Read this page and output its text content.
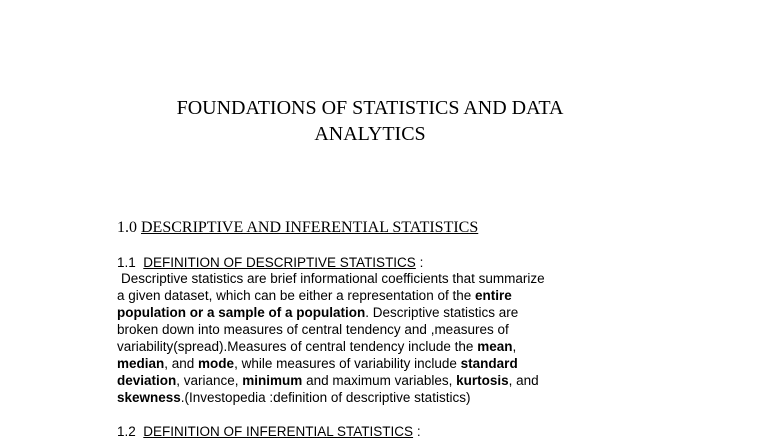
FOUNDATIONS OF STATISTICS AND DATA
ANALYTICS
1.0 DESCRIPTIVE AND INFERENTIAL STATISTICS
1.1 DEFINITION OF DESCRIPTIVE STATISTICS :
Descriptive statistics are brief informational coefficients that summarize
a given dataset, which can be either a representation of the entire
population or a sample of a population. Descriptive statistics are
broken down into measures of central tendency and ,measures of
variability(spread).Measures of central tendency include the mean,
median, and mode, while measures of variability include standard
deviation, variance, minimum and maximum variables, kurtosis, and
skewness.(Investopedia :definition of descriptive statistics)
1.2 DEFINITION OF INFERENTIAL STATISTICS :
